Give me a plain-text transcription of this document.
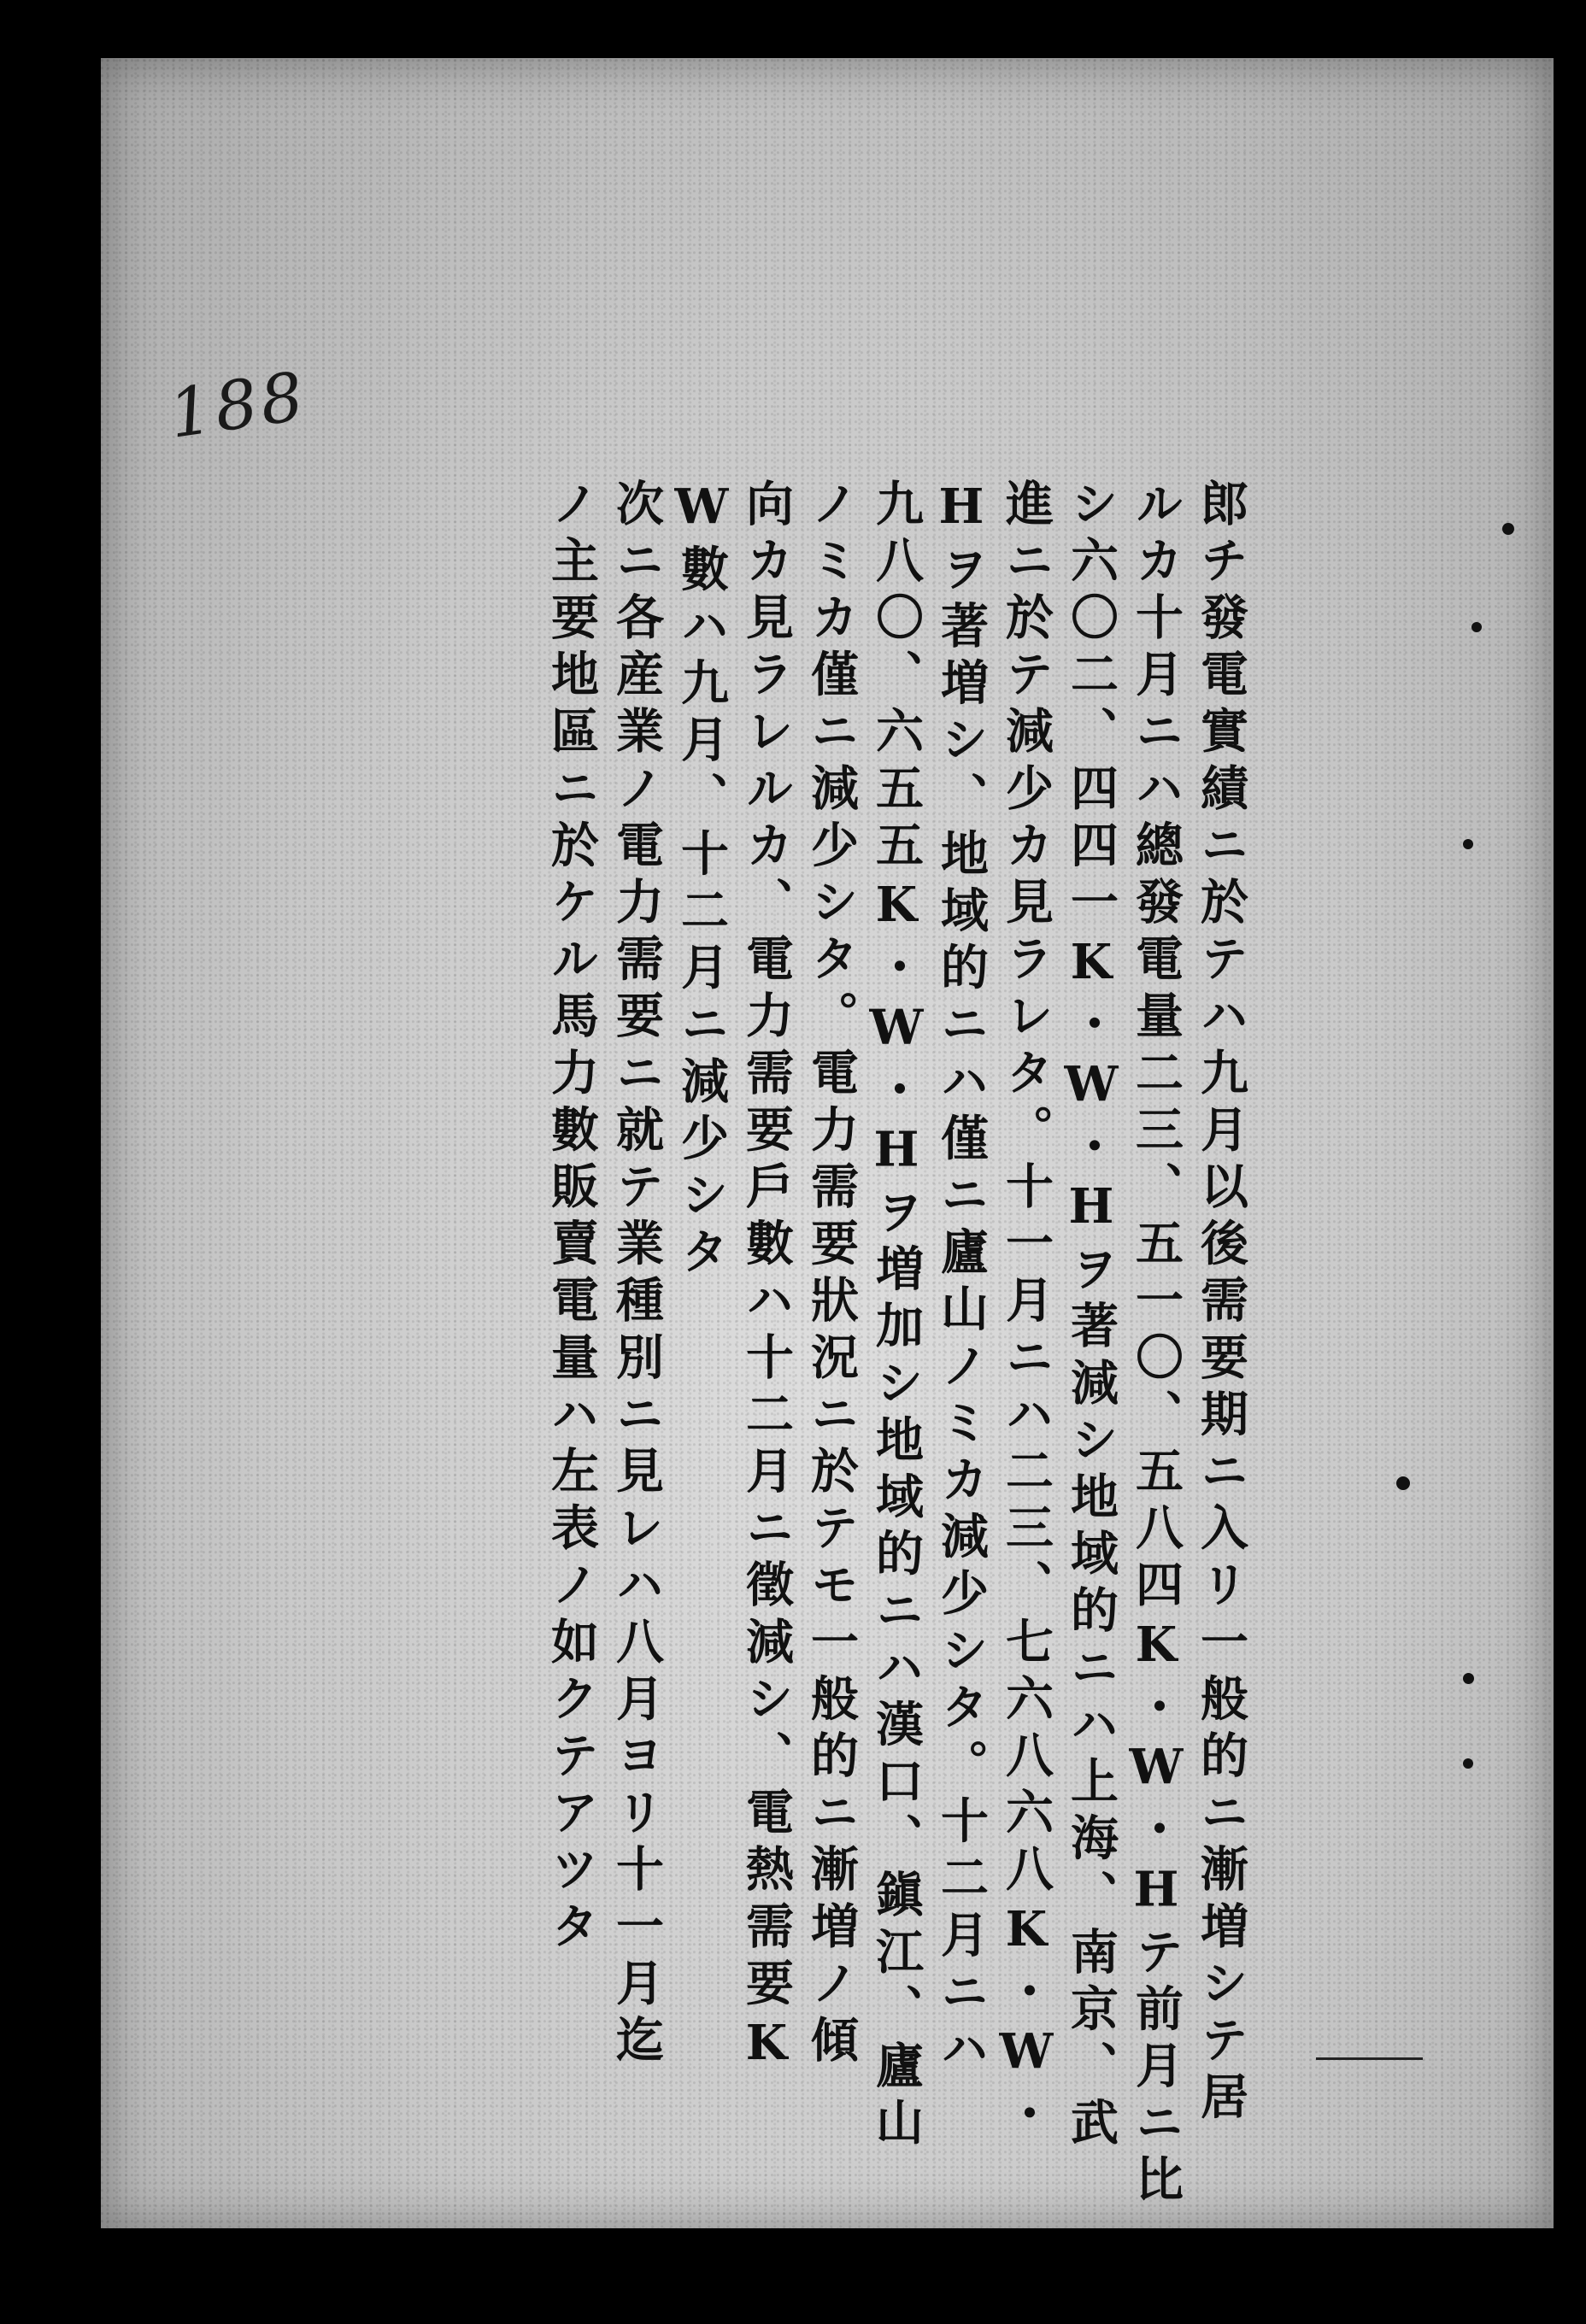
188
郎チ發電實績ニ於テハ九月以後需要期ニ入リ一般的ニ漸増シテ居
ルカ十月ニハ總發電量二三、五一〇、五八四K・W・Hテ前月ニ比
シ六〇二、四四一K・W・Hヲ著減シ地域的ニハ上海、南京、武
進ニ於テ減少カ見ラレタ。十一月ニハ二三、七六八六八K・W・
Hヲ著増シ、地域的ニハ僅ニ廬山ノミカ減少シタ。十二月ニハ
九八〇、六五五K・W・Hヲ増加シ地域的ニハ漢口、鎭江、廬山
ノミカ僅ニ減少シタ。電力需要狀況ニ於テモ一般的ニ漸増ノ傾
向カ見ラレルカ、電力需要戶數ハ十二月ニ徵減シ、電熱需要K
W數ハ九月、十二月ニ減少シタ
次ニ各産業ノ電力需要ニ就テ業種別ニ見レハ八月ヨリ十一月迄
ノ主要地區ニ於ケル馬力數販賣電量ハ左表ノ如クテアツタ
